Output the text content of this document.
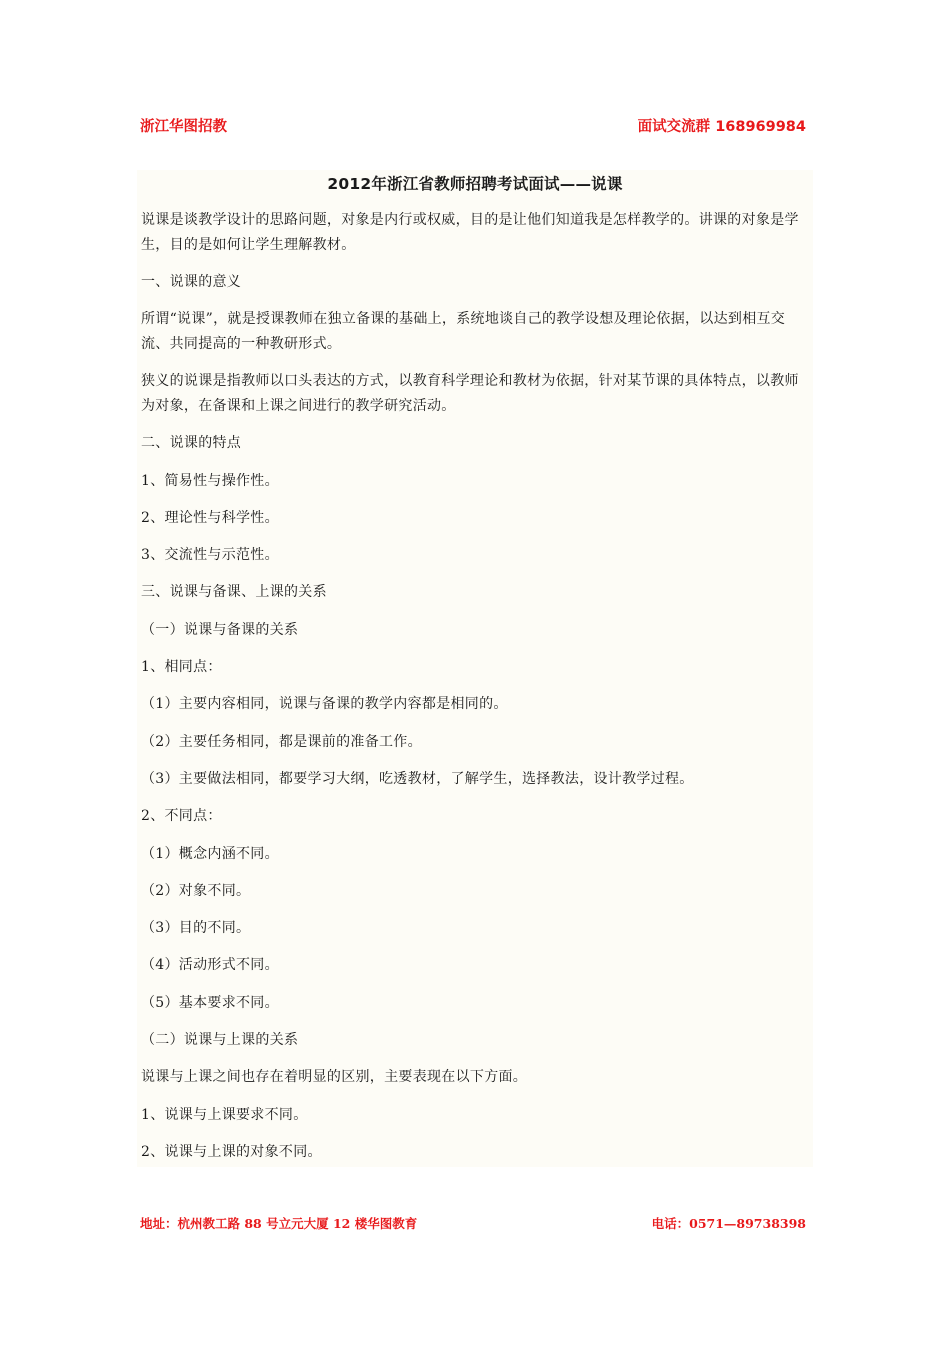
浙江华图招教	面试交流群 168969984
2012年浙江省教师招聘考试面试——说课

说课是谈教学设计的思路问题，对象是内行或权威，目的是让他们知道我是怎样教学的。讲课的对象是学生，目的是如何让学生理解教材。

一、说课的意义

所谓“说课”，就是授课教师在独立备课的基础上，系统地谈自己的教学设想及理论依据，以达到相互交流、共同提高的一种教研形式。

狭义的说课是指教师以口头表达的方式，以教育科学理论和教材为依据，针对某节课的具体特点，以教师为对象，在备课和上课之间进行的教学研究活动。

二、说课的特点
1、简易性与操作性。
2、理论性与科学性。
3、交流性与示范性。
三、说课与备课、上课的关系
（一）说课与备课的关系
1、相同点：
（1）主要内容相同，说课与备课的教学内容都是相同的。
（2）主要任务相同，都是课前的准备工作。
（3）主要做法相同，都要学习大纲，吃透教材，了解学生，选择教法，设计教学过程。
2、不同点：
（1）概念内涵不同。
（2）对象不同。
（3）目的不同。
（4）活动形式不同。
（5）基本要求不同。
（二）说课与上课的关系
说课与上课之间也存在着明显的区别，主要表现在以下方面。
1、说课与上课要求不同。
2、说课与上课的对象不同。
地址：杭州教工路 88 号立元大厦 12 楼华图教育	电话：0571—89738398
